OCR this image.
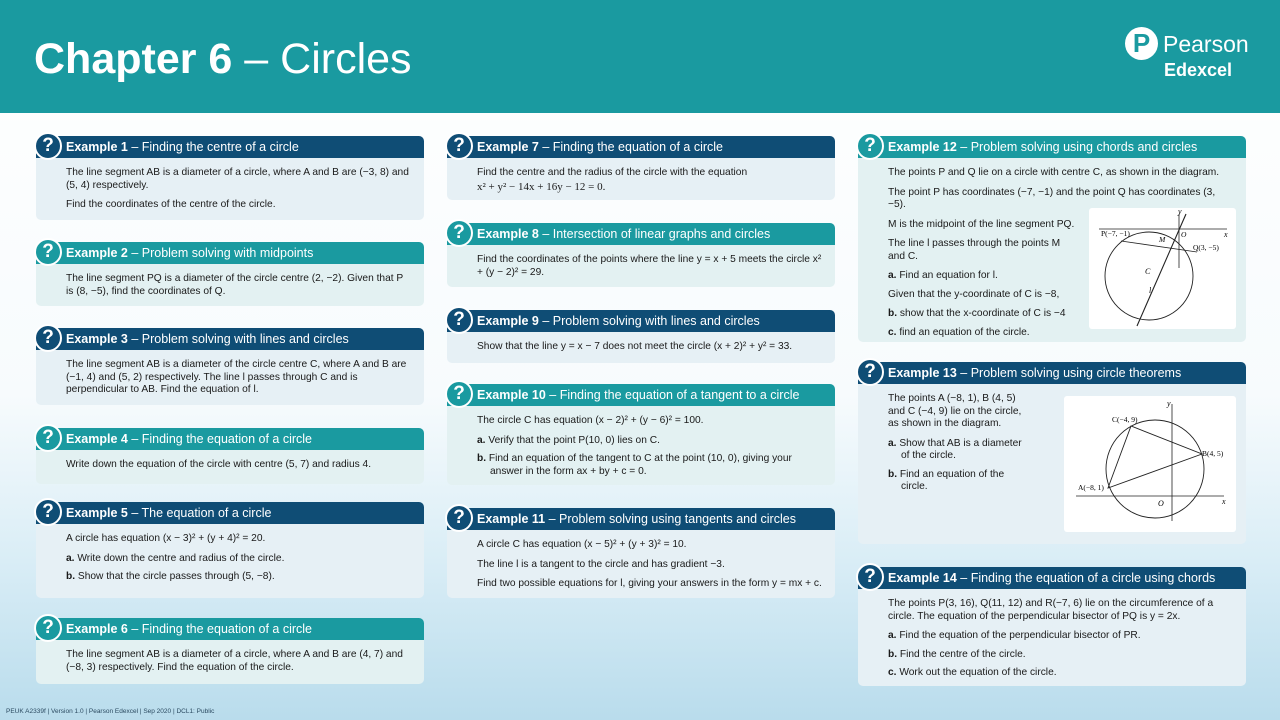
Chapter 6 – Circles	P Pearson
Edexcel
Example 1 – Finding the centre of a circle
?

The line segment AB is a diameter of a circle, where A and B are (−3, 8) and (5, 4) respectively.

Find the coordinates of the centre of the circle.

Example 2 – Problem solving with midpoints
?

The line segment PQ is a diameter of the circle centre (2, −2). Given that P is (8, −5), find the coordinates of Q.

Example 3 – Problem solving with lines and circles
?

The line segment AB is a diameter of the circle centre C, where A and B are (−1, 4) and (5, 2) respectively. The line l passes through C and is perpendicular to AB. Find the equation of l.

Example 4 – Finding the equation of a circle
?

Write down the equation of the circle with centre (5, 7) and radius 4.

Example 5 – The equation of a circle
?

A circle has equation (x − 3)² + (y + 4)² = 20.

a. Write down the centre and radius of the circle.
b. Show that the circle passes through (5, −8).
Example 6 – Finding the equation of a circle
?

The line segment AB is a diameter of a circle, where A and B are (4, 7) and (−8, 3) respectively. Find the equation of the circle.

Example 7 – Finding the equation of a circle
?

Find the centre and the radius of the circle with the equation

x² + y² − 14x + 16y − 12 = 0.

Example 8 – Intersection of linear graphs and circles
?

Find the coordinates of the points where the line y = x + 5 meets the circle x² + (y − 2)² = 29.

Example 9 – Problem solving with lines and circles
?

Show that the line y = x − 7 does not meet the circle (x + 2)² + y² = 33.

Example 10 – Finding the equation of a tangent to a circle
?

The circle C has equation (x − 2)² + (y − 6)² = 100.

a. Verify that the point P(10, 0) lies on C.
b. Find an equation of the tangent to C at the point (10, 0), giving your answer in the form ax + by + c = 0.
Example 11 – Problem solving using tangents and circles
?

A circle C has equation (x − 5)² + (y + 3)² = 10.

The line l is a tangent to the circle and has gradient −3.

Find two possible equations for l, giving your answers in the form y = mx + c.

Example 12 – Problem solving using chords and circles
?

The points P and Q lie on a circle with centre C, as shown in the diagram.

The point P has coordinates (−7, −1) and the point Q has coordinates (3, −5).

M is the midpoint of the line segment PQ.

The line l passes through the points M and C.

a. Find an equation for l.

Given that the y-coordinate of C is −8,

b. show that the x-coordinate of C is −4
c. find an equation of the circle.
y
x
P(−7, −1)
M
O
Q(3, −5)
C
l
Example 13 – Problem solving using circle theorems
?

The points A (−8, 1), B (4, 5) and C (−4, 9) lie on the circle, as shown in the diagram.

a. Show that AB is a diameter of the circle.
b. Find an equation of the circle.
y
x
C(−4, 9)
B(4, 5)
A(−8, 1)
O
Example 14 – Finding the equation of a circle using chords
?

The points P(3, 16), Q(11, 12) and R(−7, 6) lie on the circumference of a circle. The equation of the perpendicular bisector of PQ is y = 2x.

a. Find the equation of the perpendicular bisector of PR.
b. Find the centre of the circle.
c. Work out the equation of the circle.
PEUK A2339f | Version 1.0 | Pearson Edexcel | Sep 2020 | DCL1: Public
